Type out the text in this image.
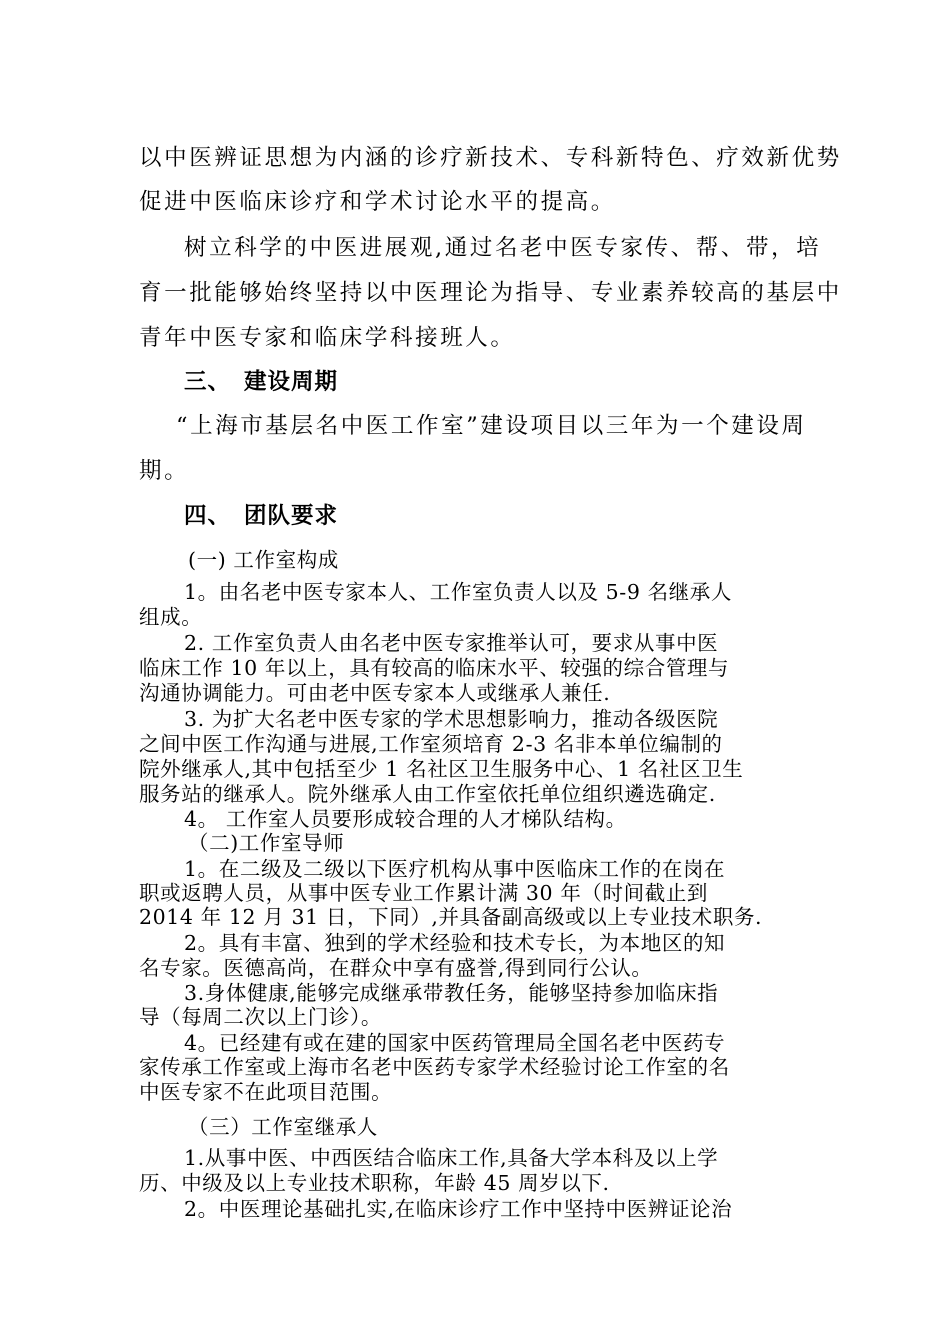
以中医辨证思想为内涵的诊疗新技术、专科新特色、疗效新优势
促进中医临床诊疗和学术讨论水平的提高。
树立科学的中医进展观,通过名老中医专家传、帮、带，培
育一批能够始终坚持以中医理论为指导、专业素养较高的基层中
青年中医专家和临床学科接班人。
三、 建设周期
“上海市基层名中医工作室”建设项目以三年为一个建设周
期。
四、 团队要求
(一) 工作室构成
1。由名老中医专家本人、工作室负责人以及 5-9 名继承人
组成。
2. 工作室负责人由名老中医专家推举认可，要求从事中医
临床工作 10 年以上，具有较高的临床水平、较强的综合管理与
沟通协调能力。可由老中医专家本人或继承人兼任.
3. 为扩大名老中医专家的学术思想影响力，推动各级医院
之间中医工作沟通与进展,工作室须培育 2-3 名非本单位编制的
院外继承人,其中包括至少 1 名社区卫生服务中心、1 名社区卫生
服务站的继承人。院外继承人由工作室依托单位组织遴选确定.
4。 工作室人员要形成较合理的人才梯队结构。
（二)工作室导师
1。在二级及二级以下医疗机构从事中医临床工作的在岗在
职或返聘人员，从事中医专业工作累计满 30 年（时间截止到
2014 年 12 月 31 日，下同）,并具备副高级或以上专业技术职务.
2。具有丰富、独到的学术经验和技术专长，为本地区的知
名专家。医德高尚，在群众中享有盛誉,得到同行公认。
3.身体健康,能够完成继承带教任务，能够坚持参加临床指
导（每周二次以上门诊）。
4。已经建有或在建的国家中医药管理局全国名老中医药专
家传承工作室或上海市名老中医药专家学术经验讨论工作室的名
中医专家不在此项目范围。
（三）工作室继承人
1.从事中医、中西医结合临床工作,具备大学本科及以上学
历、中级及以上专业技术职称，年龄 45 周岁以下.
2。中医理论基础扎实,在临床诊疗工作中坚持中医辨证论治
